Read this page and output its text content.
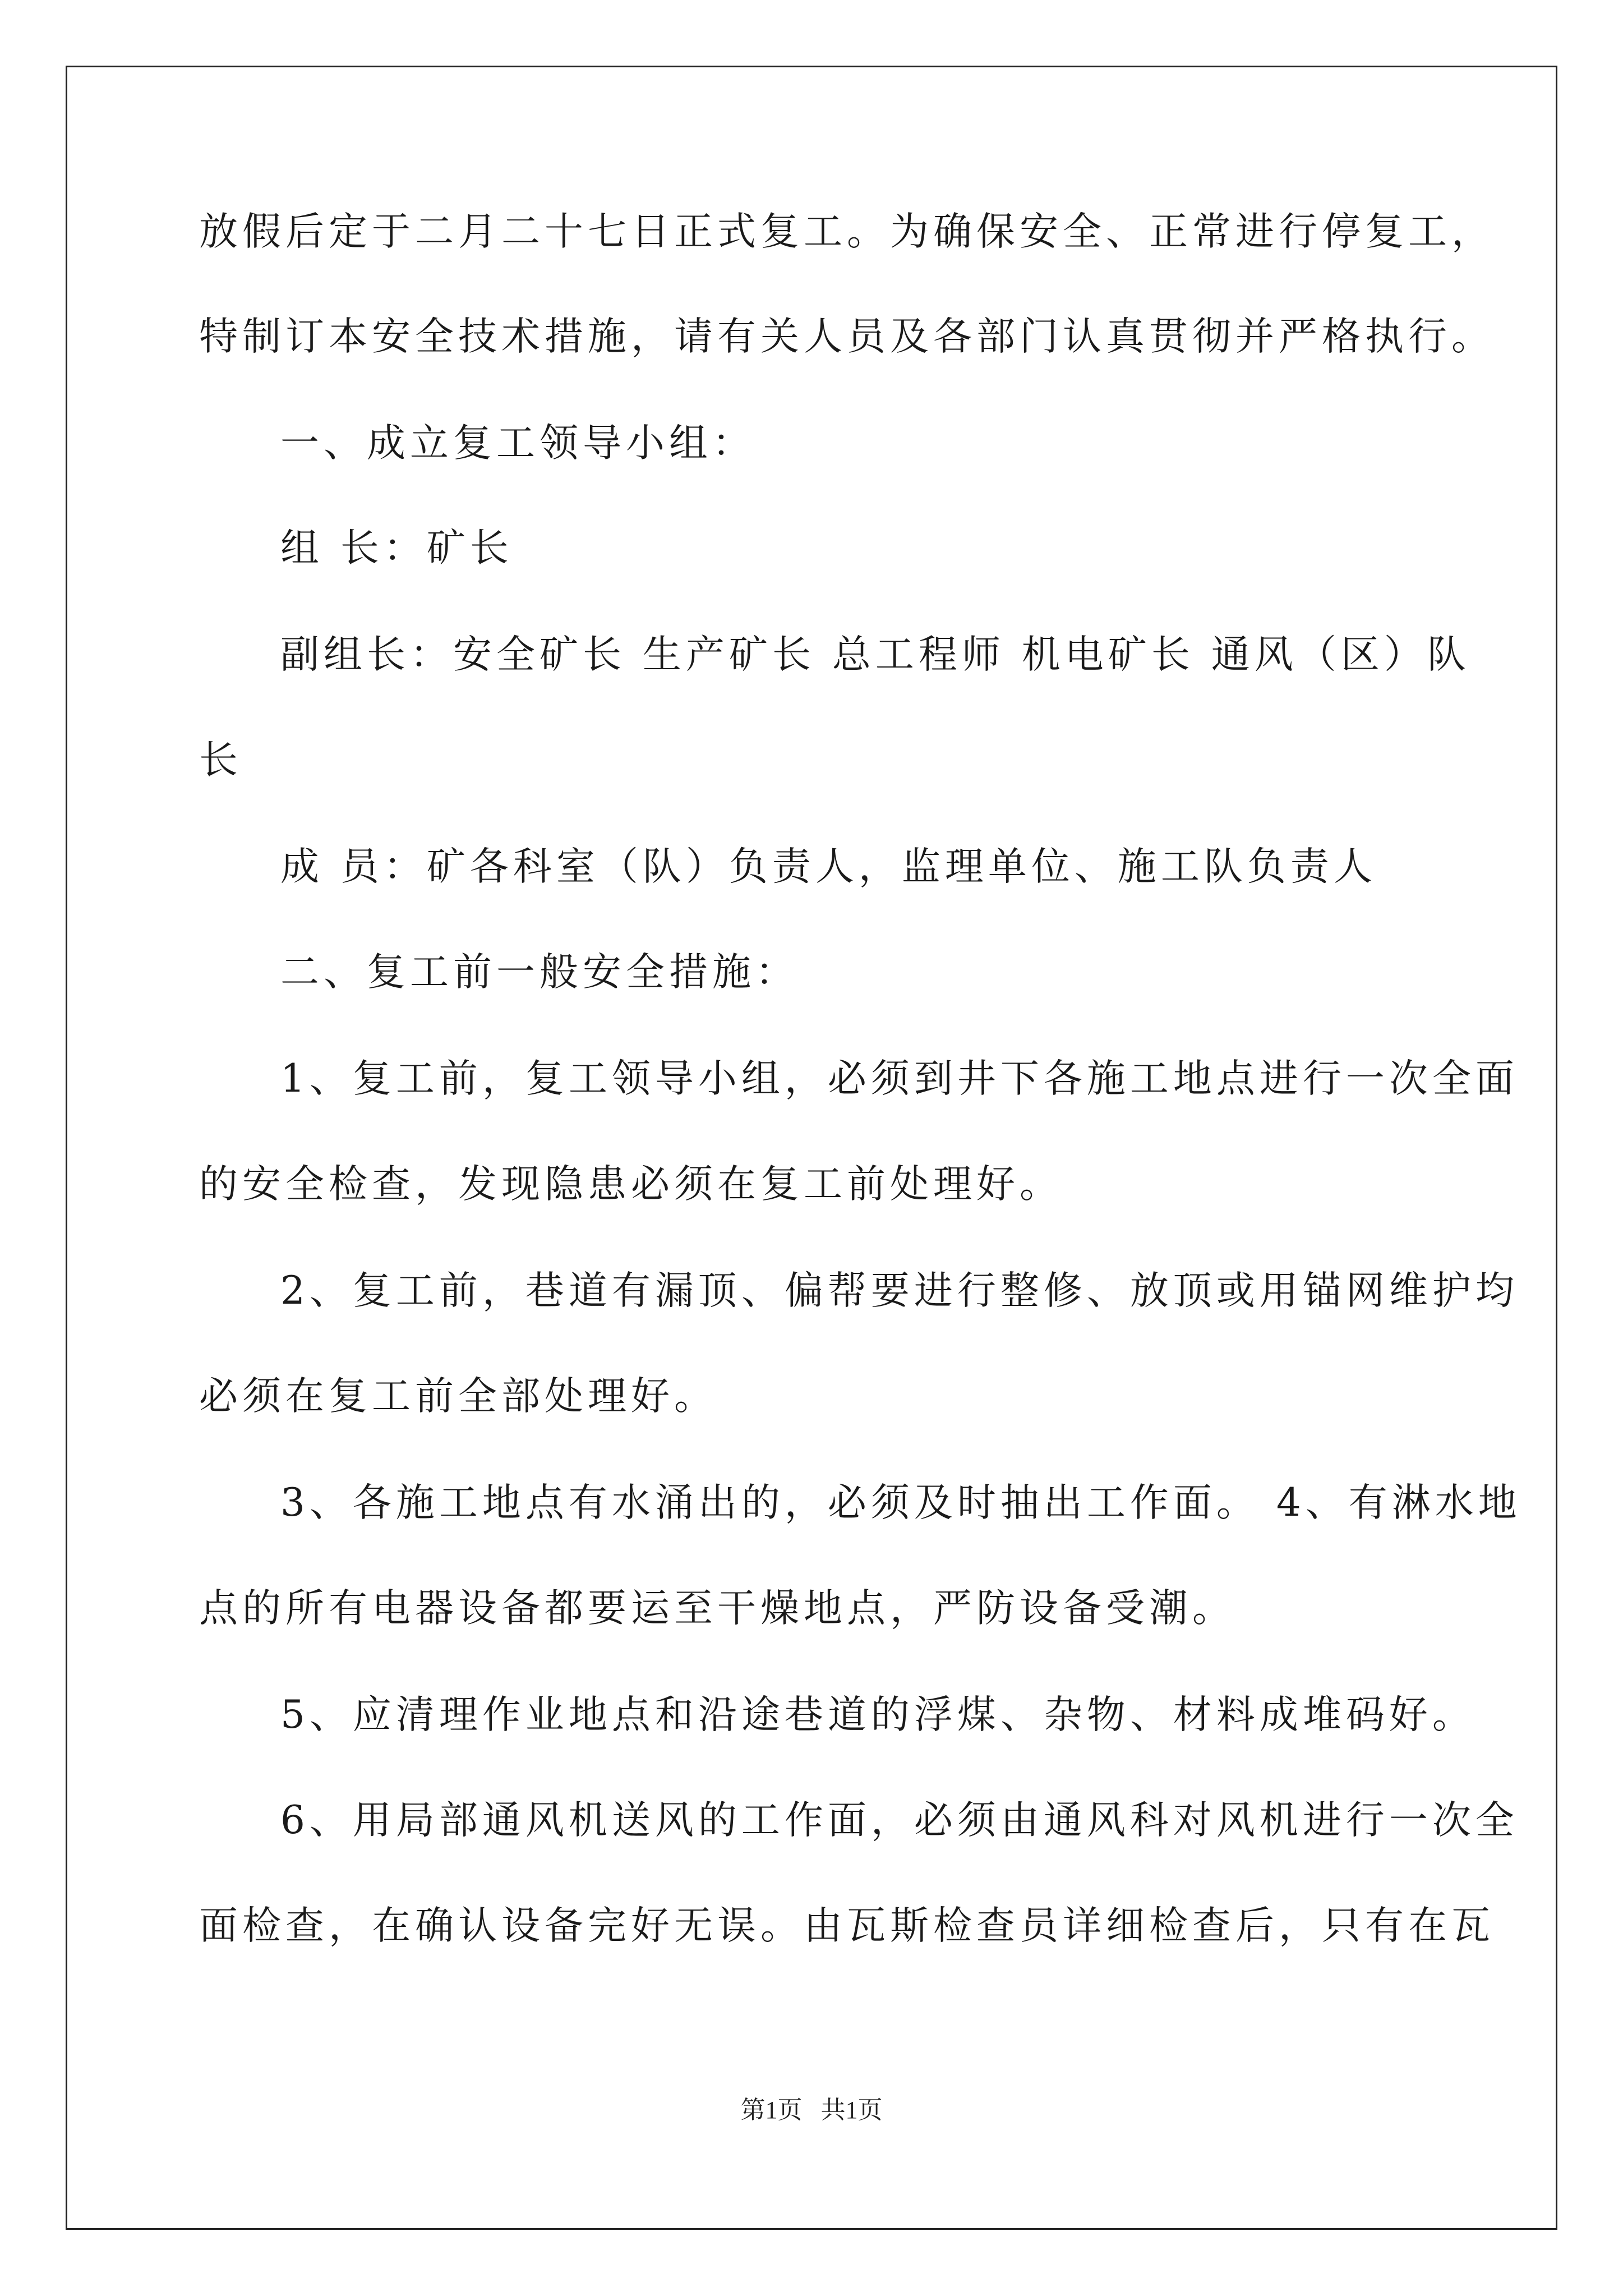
放假后定于二月二十七日正式复工。为确保安全、正常进行停复工，
特制订本安全技术措施，请有关人员及各部门认真贯彻并严格执行。
一、成立复工领导小组：
组 长：矿长
副组长：安全矿长 生产矿长 总工程师 机电矿长 通风（区）队
长
成 员：矿各科室（队）负责人，监理单位、施工队负责人
二、复工前一般安全措施：
1、复工前，复工领导小组，必须到井下各施工地点进行一次全面
的安全检查，发现隐患必须在复工前处理好。
2、复工前，巷道有漏顶、偏帮要进行整修、放顶或用锚网维护均
必须在复工前全部处理好。
3、各施工地点有水涌出的，必须及时抽出工作面。 4、有淋水地
点的所有电器设备都要运至干燥地点，严防设备受潮。
5、应清理作业地点和沿途巷道的浮煤、杂物、材料成堆码好。
6、用局部通风机送风的工作面，必须由通风科对风机进行一次全
面检查，在确认设备完好无误。由瓦斯检查员详细检查后，只有在瓦
第1页   共1页
